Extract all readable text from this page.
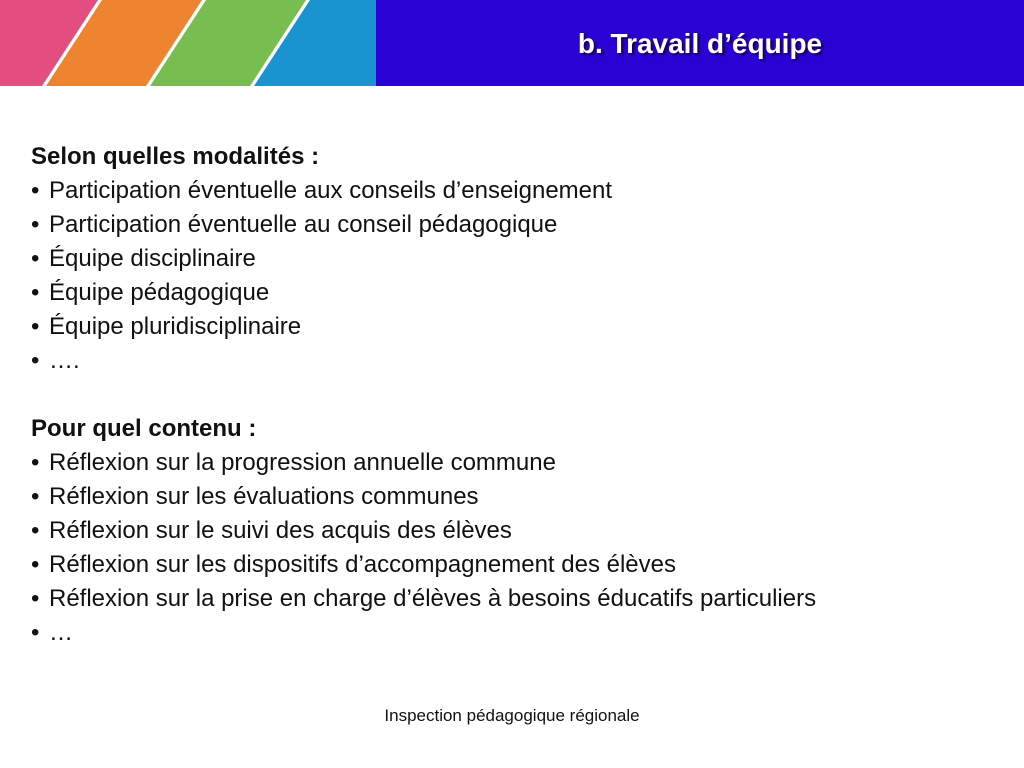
b. Travail d’équipe

Selon quelles modalités :

• Participation éventuelle aux conseils d’enseignement
• Participation éventuelle au conseil pédagogique
• Équipe disciplinaire
• Équipe pédagogique
• Équipe pluridisciplinaire
• ….

Pour quel contenu :

• Réflexion sur la progression annuelle commune
• Réflexion sur les évaluations communes
• Réflexion sur le suivi des acquis des élèves
• Réflexion sur les dispositifs d’accompagnement des élèves
• Réflexion sur la prise en charge d’élèves à besoins éducatifs particuliers
• …
Inspection pédagogique régionale
